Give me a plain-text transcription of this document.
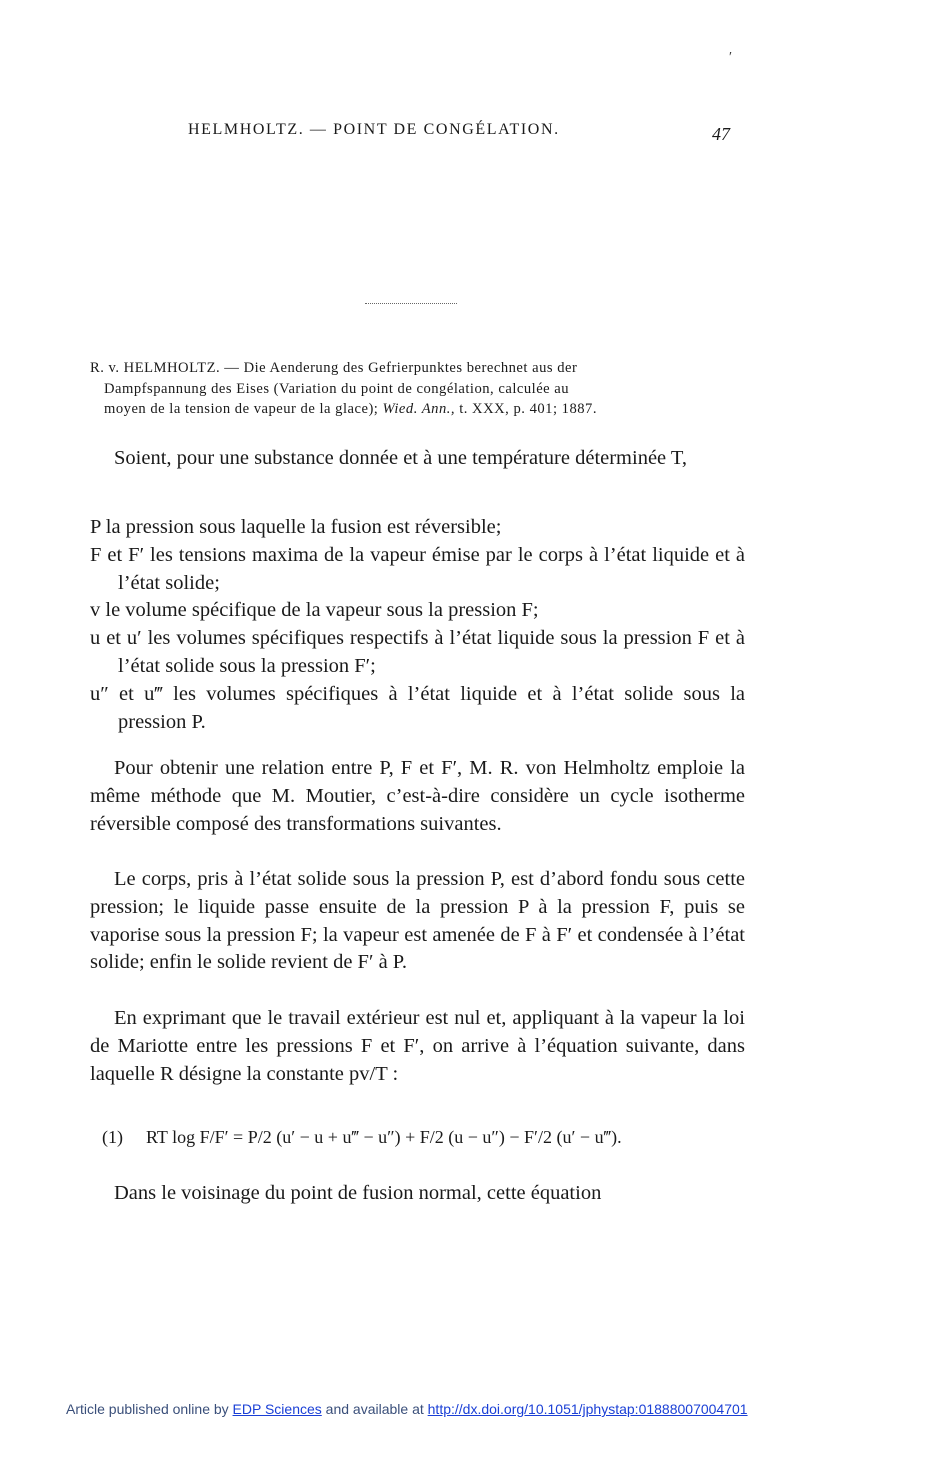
′
HELMHOLTZ. — POINT DE CONGÉLATION.	47
R. v. HELMHOLTZ. — Die Aenderung des Gefrierpunktes berechnet aus der
Dampfspannung des Eises (Variation du point de congélation, calculée au
moyen de la tension de vapeur de la glace); Wied. Ann., t. XXX, p. 401; 1887.

Soient, pour une substance donnée et à une température déterminée T,

P la pression sous laquelle la fusion est réversible;

F et F′ les tensions maxima de la vapeur émise par le corps à l’état liquide et à l’état solide;

v le volume spécifique de la vapeur sous la pression F;

u et u′ les volumes spécifiques respectifs à l’état liquide sous la pression F et à l’état solide sous la pression F′;

u″ et u‴ les volumes spécifiques à l’état liquide et à l’état solide sous la pression P.

Pour obtenir une relation entre P, F et F′, M. R. von Helmholtz emploie la même méthode que M. Moutier, c’est-à-dire considère un cycle isotherme réversible composé des transformations suivantes.

Le corps, pris à l’état solide sous la pression P, est d’abord fondu sous cette pression; le liquide passe ensuite de la pression P à la pression F, puis se vaporise sous la pression F; la vapeur est amenée de F à F′ et condensée à l’état solide; enfin le solide revient de F′ à P.

En exprimant que le travail extérieur est nul et, appliquant à la vapeur la loi de Mariotte entre les pressions F et F′, on arrive à l’équation suivante, dans laquelle R désigne la constante pv/T :

(1) RT log F/F′ = P/2 (u′ − u + u‴ − u″) + F/2 (u − u″) − F′/2 (u′ − u‴).

Dans le voisinage du point de fusion normal, cette équation

Article published online by EDP Sciences and available at http://dx.doi.org/10.1051/jphystap:01888007004701
